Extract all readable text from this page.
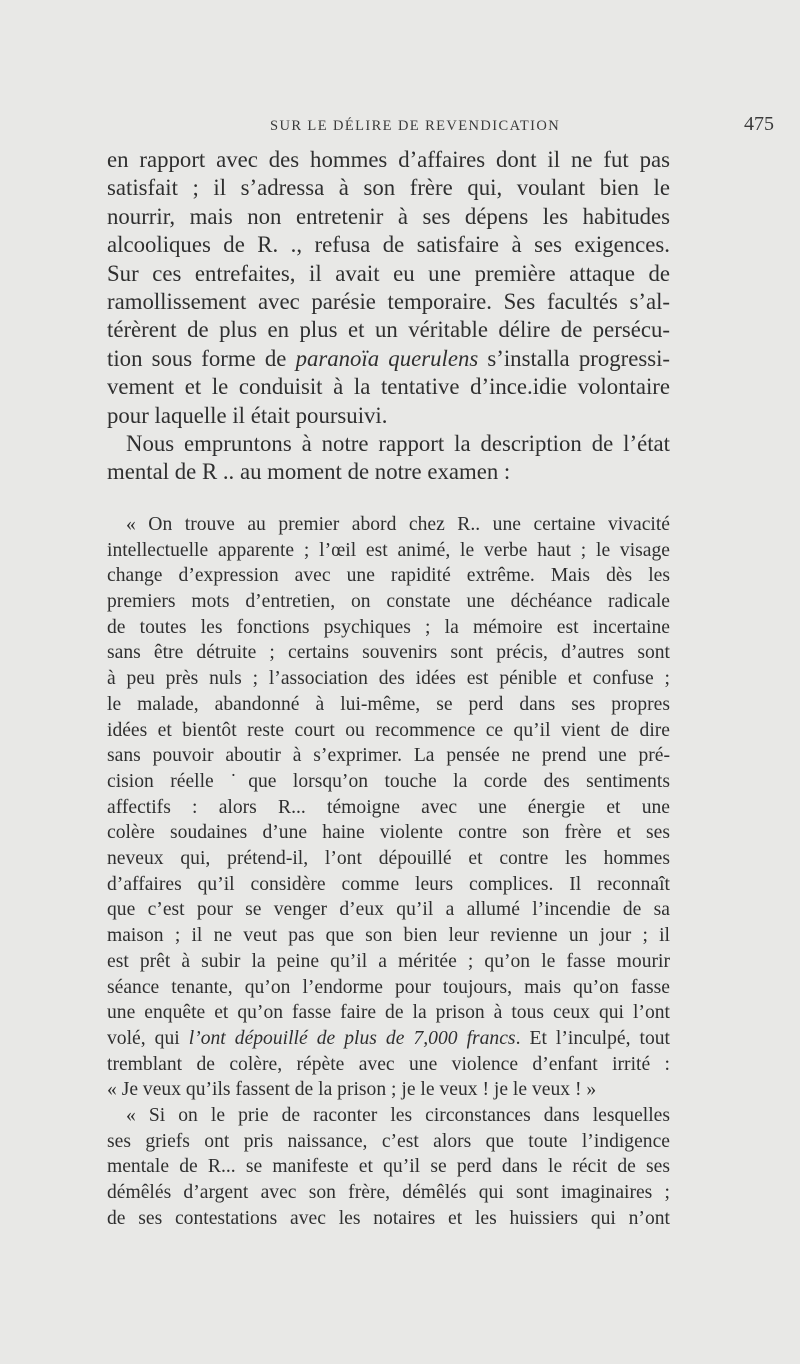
SUR LE DÉLIRE DE REVENDICATION	475
en rapport avec des hommes d’affaires dont il ne fut pas
satisfait ; il s’adressa à son frère qui, voulant bien le
nourrir, mais non entretenir à ses dépens les habitudes
alcooliques de R. ., refusa de satisfaire à ses exigences.
Sur ces entrefaites, il avait eu une première attaque de
ramollissement avec parésie temporaire. Ses facultés s’al-
térèrent de plus en plus et un véritable délire de persécu-
tion sous forme de paranoïa querulens s’installa progressi-
vement et le conduisit à la tentative d’ince.idie volontaire
pour laquelle il était poursuivi.
Nous empruntons à notre rapport la description de l’état
mental de R .. au moment de notre examen :
« On trouve au premier abord chez R.. une certaine vivacité
intellectuelle apparente ; l’œil est animé, le verbe haut ; le visage
change d’expression avec une rapidité extrême. Mais dès les
premiers mots d’entretien, on constate une déchéance radicale
de toutes les fonctions psychiques ; la mémoire est incertaine
sans être détruite ; certains souvenirs sont précis, d’autres sont
à peu près nuls ; l’association des idées est pénible et confuse ;
le malade, abandonné à lui-même, se perd dans ses propres
idées et bientôt reste court ou recommence ce qu’il vient de dire
sans pouvoir aboutir à s’exprimer. La pensée ne prend une pré-
cision réelle ˙que lorsqu’on touche la corde des sentiments
affectifs : alors R... témoigne avec une énergie et une
colère soudaines d’une haine violente contre son frère et ses
neveux qui, prétend-il, l’ont dépouillé et contre les hommes
d’affaires qu’il considère comme leurs complices. Il reconnaît
que c’est pour se venger d’eux qu’il a allumé l’incendie de sa
maison ; il ne veut pas que son bien leur revienne un jour ; il
est prêt à subir la peine qu’il a méritée ; qu’on le fasse mourir
séance tenante, qu’on l’endorme pour toujours, mais qu’on fasse
une enquête et qu’on fasse faire de la prison à tous ceux qui l’ont
volé, qui l’ont dépouillé de plus de 7,000 francs. Et l’inculpé, tout
tremblant de colère, répète avec une violence d’enfant irrité :
« Je veux qu’ils fassent de la prison ; je le veux ! je le veux ! »
« Si on le prie de raconter les circonstances dans lesquelles
ses griefs ont pris naissance, c’est alors que toute l’indigence
mentale de R... se manifeste et qu’il se perd dans le récit de ses
démêlés d’argent avec son frère, démêlés qui sont imaginaires ;
de ses contestations avec les notaires et les huissiers qui n’ont
